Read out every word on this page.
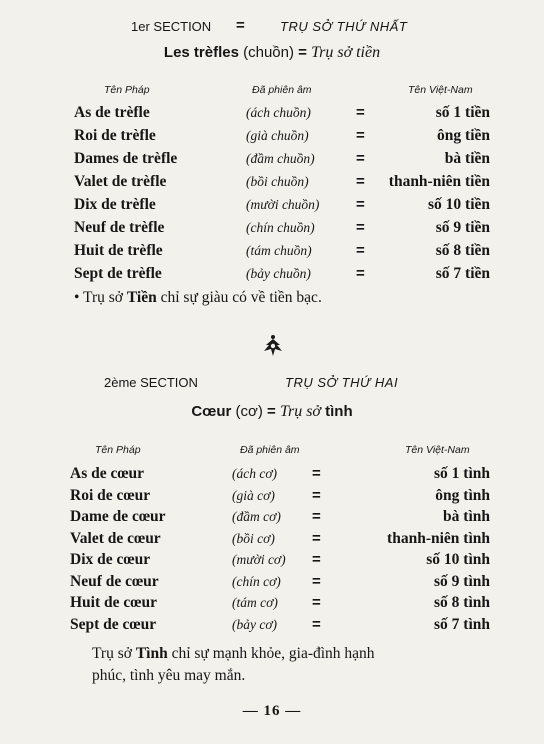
1er SECTION =	TRỤ SỞ THỨ NHẤT
Les trèfles (chuồn) = Trụ sở tiền
Tên Pháp	Đã phiên âm	Tên Việt-Nam
As de trèfle	(ách chuồn)	=	số 1 tiền
Roi de trèfle	(già chuồn)	=	ông tiền
Dames de trèfle	(đầm chuồn)	=	bà tiền
Valet de trèfle	(bồi chuồn)	= thanh-niên tiền
Dix de trèfle	(mười chuồn) =	số 10 tiền
Neuf de trèfle	(chín chuồn)	=	số 9 tiền
Huit de trèfle	(tám chuồn)	=	số 8 tiền
Sept de trèfle	(bảy chuồn)	=	số 7 tiền
• Trụ sở Tiền chỉ sự giàu có về tiền bạc.
2ème SECTION	TRỤ SỞ THỨ HAI
Cœur (cơ) = Trụ sở tình
Tên Pháp	Đã phiên âm	Tên Việt-Nam
As de cœur	(ách cơ) =	số 1 tình
Roi de cœur	(già cơ) =	ông tình
Dame de cœur	(đầm cơ) =	bà tình
Valet de cœur	(bồi cơ) =	thanh-niên tình
Dix de cœur	(mười cơ) =	số 10 tình
Neuf de cœur	(chín cơ) =	số 9 tình
Huit de cœur	(tám cơ) =	số 8 tình
Sept de cœur	(bảy cơ) =	số 7 tình
Trụ sở Tình chỉ sự mạnh khỏe, gia-đình hạnh
phúc, tình yêu may mắn.
— 16 —
